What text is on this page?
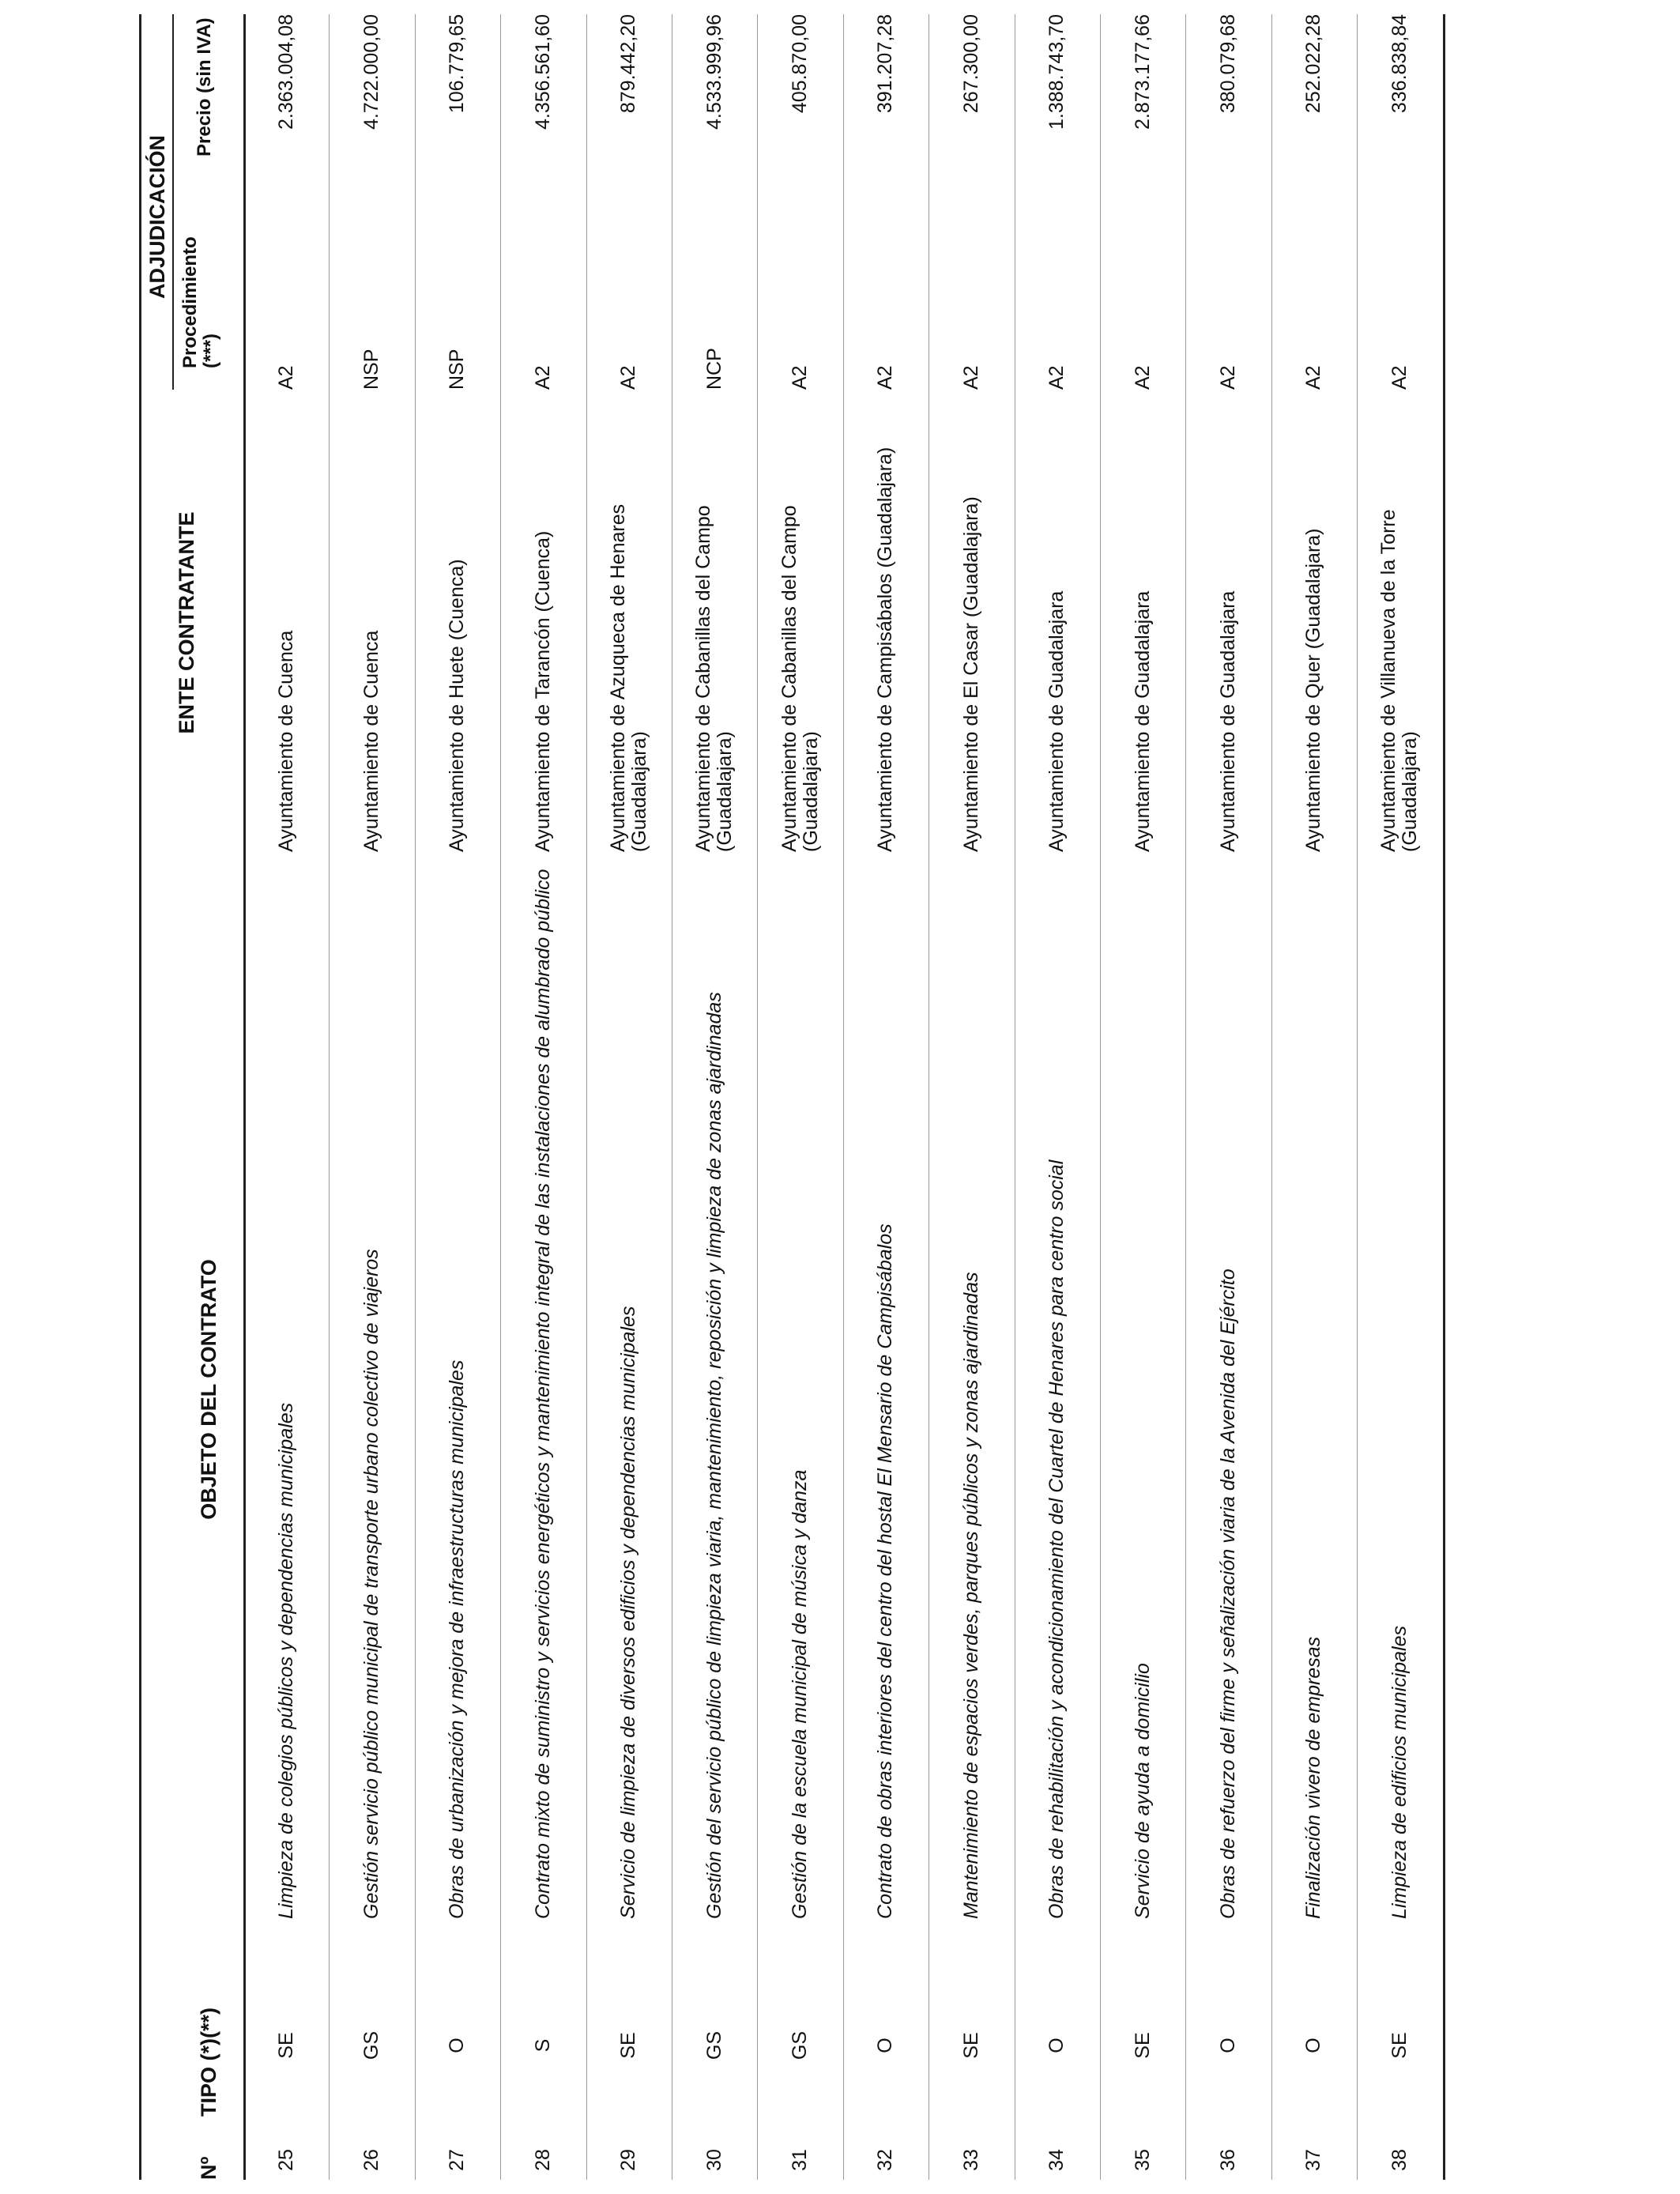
ADJUDICACIÓN
Nº
TIPO (*)(**)
OBJETO DEL CONTRATO
ENTE CONTRATANTE
Procedimiento (***)
Precio (sin IVA)
25
SE
Limpieza de colegios públicos y dependencias municipales
Ayuntamiento de Cuenca
A2
2.363.004,08
26
GS
Gestión servicio público municipal de transporte urbano colectivo de viajeros
Ayuntamiento de Cuenca
NSP
4.722.000,00
27
O
Obras de urbanización y mejora de infraestructuras municipales
Ayuntamiento de Huete (Cuenca)
NSP
106.779,65
28
S
Contrato mixto de suministro y servicios energéticos y mantenimiento integral de las instalaciones de alumbrado público
Ayuntamiento de Tarancón (Cuenca)
A2
4.356.561,60
29
SE
Servicio de limpieza de diversos edificios y dependencias municipales
Ayuntamiento de Azuqueca de Henares (Guadalajara)
A2
879.442,20
30
GS
Gestión del servicio público de limpieza viaria, mantenimiento, reposición y limpieza de zonas ajardinadas
Ayuntamiento de Cabanillas del Campo (Guadalajara)
NCP
4.533.999,96
31
GS
Gestión de la escuela municipal de música y danza
Ayuntamiento de Cabanillas del Campo (Guadalajara)
A2
405.870,00
32
O
Contrato de obras interiores del centro del hostal El Mensario de Campisábalos
Ayuntamiento de Campisábalos (Guadalajara)
A2
391.207,28
33
SE
Mantenimiento de espacios verdes, parques públicos y zonas ajardinadas
Ayuntamiento de El Casar (Guadalajara)
A2
267.300,00
34
O
Obras de rehabilitación y acondicionamiento del Cuartel de Henares para centro social
Ayuntamiento de Guadalajara
A2
1.388.743,70
35
SE
Servicio de ayuda a domicilio
Ayuntamiento de Guadalajara
A2
2.873.177,66
36
O
Obras de refuerzo del firme y señalización viaria de la Avenida del Ejército
Ayuntamiento de Guadalajara
A2
380.079,68
37
O
Finalización vivero de empresas
Ayuntamiento de Quer (Guadalajara)
A2
252.022,28
38
SE
Limpieza de edificios municipales
Ayuntamiento de Villanueva de la Torre (Guadalajara)
A2
336.838,84
